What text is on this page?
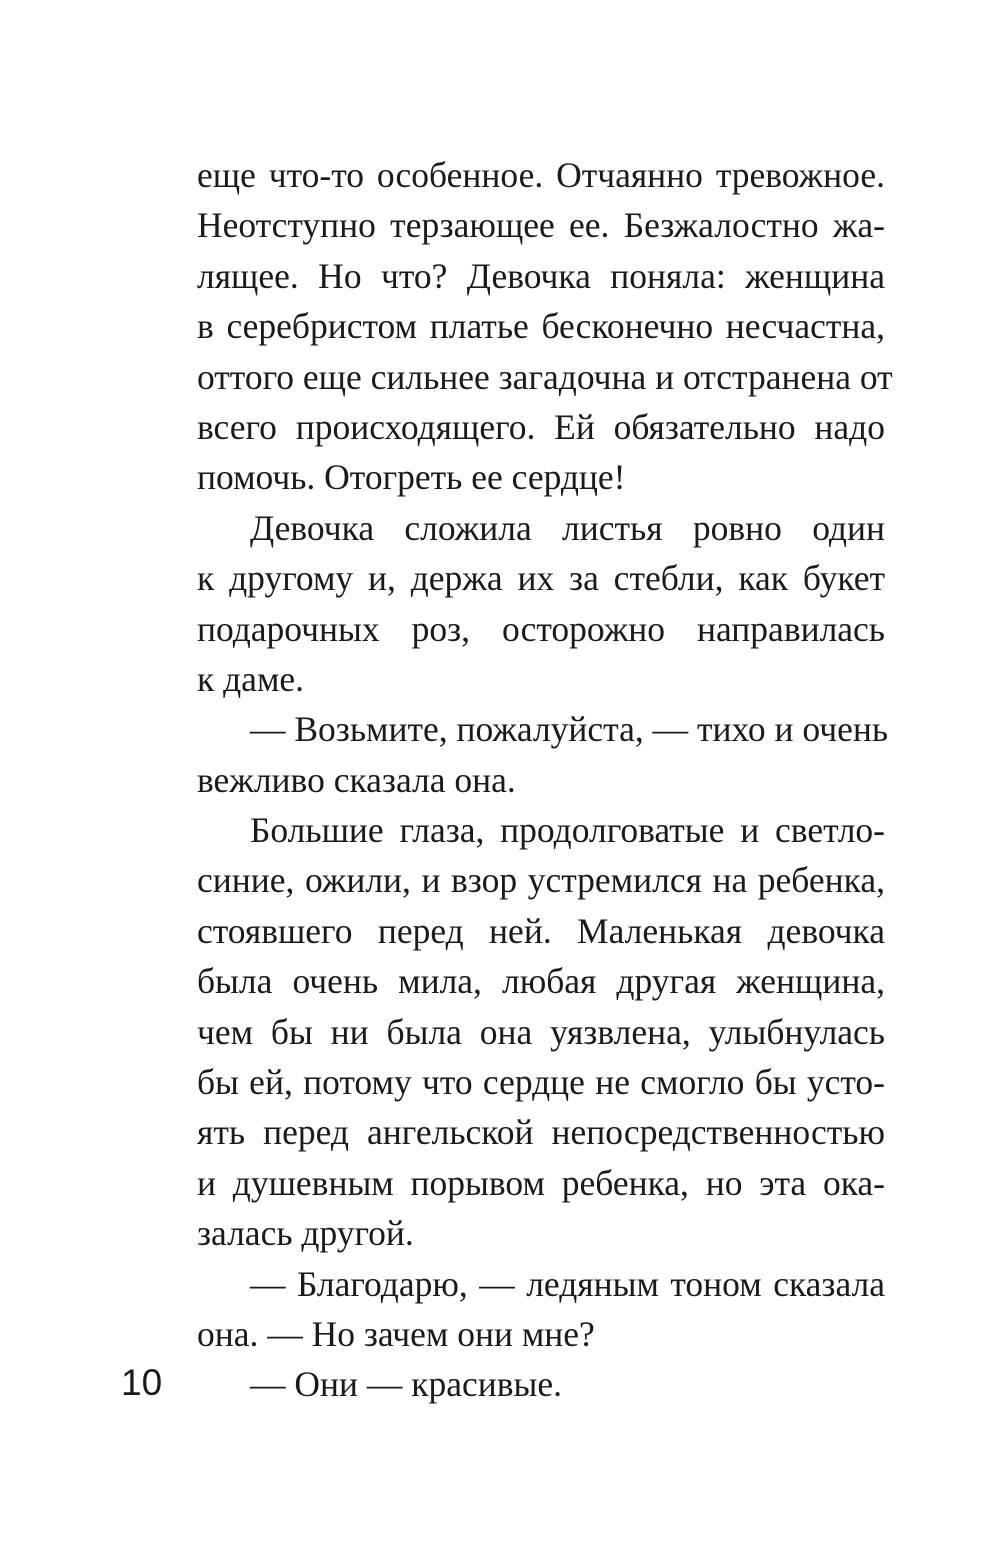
еще что-то особенное. Отчаянно тревожное.
Неотступно терзающее ее. Безжалостно жа-
лящее. Но что? Девочка поняла: женщина
в серебристом платье бесконечно несчастна,
оттого еще сильнее загадочна и отстранена от
всего происходящего. Ей обязательно надо
помочь. Отогреть ее сердце!
Девочка сложила листья ровно один
к другому и, держа их за стебли, как букет
подарочных роз, осторожно направилась
к даме.
— Возьмите, пожалуйста, — тихо и очень
вежливо сказала она.
Большие глаза, продолговатые и светло-
синие, ожили, и взор устремился на ребенка,
стоявшего перед ней. Маленькая девочка
была очень мила, любая другая женщина,
чем бы ни была она уязвлена, улыбнулась
бы ей, потому что сердце не смогло бы усто-
ять перед ангельской непосредственностью
и душевным порывом ребенка, но эта ока-
залась другой.
— Благодарю, — ледяным тоном сказала
она. — Но зачем они мне?
— Они — красивые.
10
